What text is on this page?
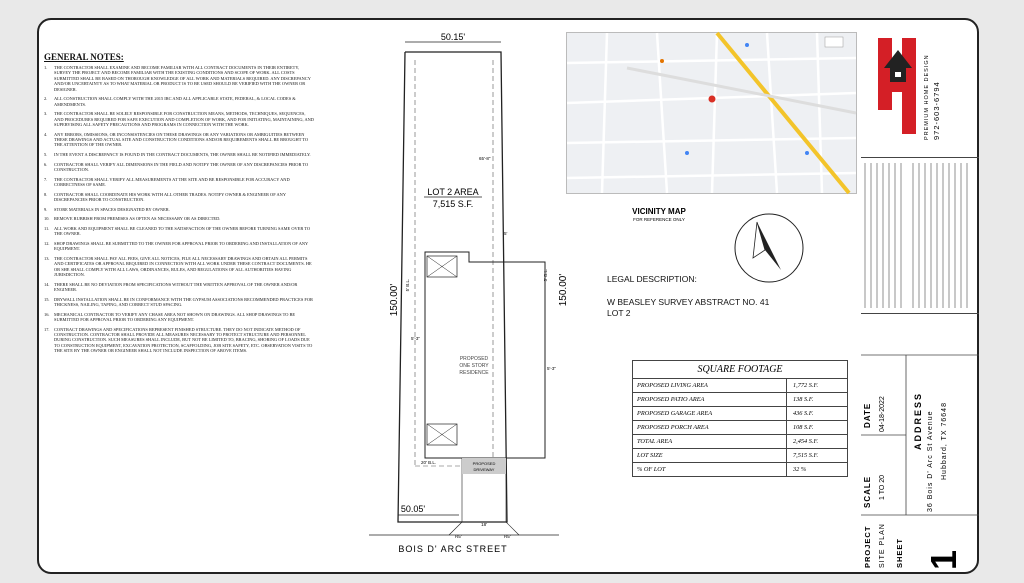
GENERAL NOTES:
1.	THE CONTRACTOR SHALL EXAMINE AND BECOME FAMILIAR WITH ALL CONTRACT DOCUMENTS IN THEIR ENTIRETY, SURVEY THE PROJECT AND BECOME FAMILIAR WITH THE EXISTING CONDITIONS AND SCOPE OF WORK. ALL COSTS SUBMITTED SHALL BE BASED ON THOROUGH KNOWLEDGE OF ALL WORK AND MATERIALS REQUIRED. ANY DISCREPANCY AND/OR UNCERTAINTY AS TO WHAT MATERIAL OR PRODUCT IS TO BE USED SHOULD BE VERIFIED WITH THE OWNER OR DESIGNER.
2.	ALL CONSTRUCTION SHALL COMPLY WITH THE 2015 IRC AND ALL APPLICABLE STATE, FEDERAL, & LOCAL CODES & AMENDMENTS.
3.	THE CONTRACTOR SHALL BE SOLELY RESPONSIBLE FOR CONSTRUCTION MEANS, METHODS, TECHNIQUES, SEQUENCES, AND PROCEDURES REQUIRED FOR SAFE EXECUTION AND COMPLETION OF WORK, AND FOR INITIATING, MAINTAINING, AND SUPERVISING ALL SAFETY PRECAUTIONS AND PROGRAMS IN CONNECTION WITH THE WORK.
4.	ANY ERRORS, OMISSIONS, OR INCONSISTENCIES ON THESE DRAWINGS OR ANY VARIATIONS OR AMBIGUITIES BETWEEN THESE DRAWINGS AND ACTUAL SITE AND CONSTRUCTION CONDITIONS AND/OR REQUIREMENTS SHALL BE BROUGHT TO THE ATTENTION OF THE OWNER.
5.	IN THE EVENT A DISCREPANCY IS FOUND IN THE CONTRACT DOCUMENTS, THE OWNER SHALL BE NOTIFIED IMMEDIATELY.
6.	CONTRACTOR SHALL VERIFY ALL DIMENSIONS IN THE FIELD AND NOTIFY THE OWNER OF ANY DISCREPANCIES PRIOR TO CONSTRUCTION.
7.	THE CONTRACTOR SHALL VERIFY ALL MEASUREMENTS AT THE SITE AND BE RESPONSIBLE FOR ACCURACY AND CORRECTNESS OF SAME.
8.	CONTRACTOR SHALL COORDINATE HIS WORK WITH ALL OTHER TRADES. NOTIFY OWNER & ENGINEER OF ANY DISCREPANCIES PRIOR TO CONSTRUCTION.
9.	STORE MATERIALS IN SPACES DESIGNATED BY OWNER.
10.	REMOVE RUBBISH FROM PREMISES AS OFTEN AS NECESSARY OR AS DIRECTED.
11.	ALL WORK AND EQUIPMENT SHALL BE CLEANED TO THE SATISFACTION OF THE OWNER BEFORE TURNING SAME OVER TO THE OWNER.
12.	SHOP DRAWINGS SHALL BE SUBMITTED TO THE OWNER FOR APPROVAL PRIOR TO ORDERING AND INSTALLATION OF ANY EQUIPMENT.
13.	THE CONTRACTOR SHALL PAY ALL FEES, GIVE ALL NOTICES, FILE ALL NECESSARY DRAWINGS AND OBTAIN ALL PERMITS AND CERTIFICATES OR APPROVAL REQUIRED IN CONNECTION WITH ALL WORK UNDER THESE CONTRACT DOCUMENTS. HE OR SHE SHALL COMPLY WITH ALL LAWS, ORDINANCES, RULES, AND REGULATIONS OF ALL AUTHORITIES HAVING JURISDICTION.
14.	THERE SHALL BE NO DEVIATION FROM SPECIFICATIONS WITHOUT THE WRITTEN APPROVAL OF THE OWNER AND/OR ENGINEER.
15.	DRYWALL INSTALLATION SHALL BE IN CONFORMANCE WITH THE GYPSUM ASSOCIATIONS RECOMMENDED PRACTICES FOR THICKNESS, NAILING, TAPING, AND CORRECT STUD SPACING.
16.	MECHANICAL CONTRACTOR TO VERIFY ANY CHASE AREA NOT SHOWN ON DRAWINGS. ALL SHOP DRAWINGS TO BE SUBMITTED FOR APPROVAL PRIOR TO ORDERING ANY EQUIPMENT.
17.	CONTRACT DRAWINGS AND SPECIFICATIONS REPRESENT FINISHED STRUCTURE. THEY DO NOT INDICATE METHOD OF CONSTRUCTION. CONTRACTOR SHALL PROVIDE ALL MEASURES NECESSARY TO PROTECT STRUCTURE AND PERSONNEL DURING CONSTRUCTION. SUCH MEASURES SHALL INCLUDE, BUT NOT BE LIMITED TO, BRACING, SHORING OF LOADS DUE TO CONSTRUCTION EQUIPMENT, EXCAVATION PROTECTION, SCAFFOLDING, JOB SITE SAFETY, ETC. OBSERVATION VISITS TO THE SITE BY THE OWNER OR ENGINEER SHALL NOT INCLUDE INSPECTION OF ABOVE ITEMS.
50.15'
65'-8"
5'
LOT 2 AREA
7,515 S.F.
150.00'	150.00'
5' B.L.
5' B.L.
5'-3"
5'-3"
PROPOSED
ONE STORY
RESIDENCE
20' B.L.	PROPOSED
DRIVEWAY
50.05'
18'
R5'	R5'
BOIS D' ARC STREET
VICINITY MAP
FOR REFERENCE ONLY
LEGAL DESCRIPTION:
W BEASLEY SURVEY ABSTRACT NO. 41
LOT 2
SQUARE FOOTAGE
PROPOSED LIVING AREA	1,772 S.F.
PROPOSED PATIO AREA	138 S.F.
PROPOSED GARAGE AREA	436 S.F.
PROPOSED PORCH AREA	108 S.F.
TOTAL AREA	2,454 S.F.
LOT SIZE	7,515 S.F.
% OF LOT	32 %
PREMIUM HOME DESIGN 972-603-6794
DATE 04-18-2022
SCALE 1 TO 20
ADDRESS 36 Bois D' Arc St Avenue Hubbard, TX 76648
PROJECT SITE PLAN SHEET 1
